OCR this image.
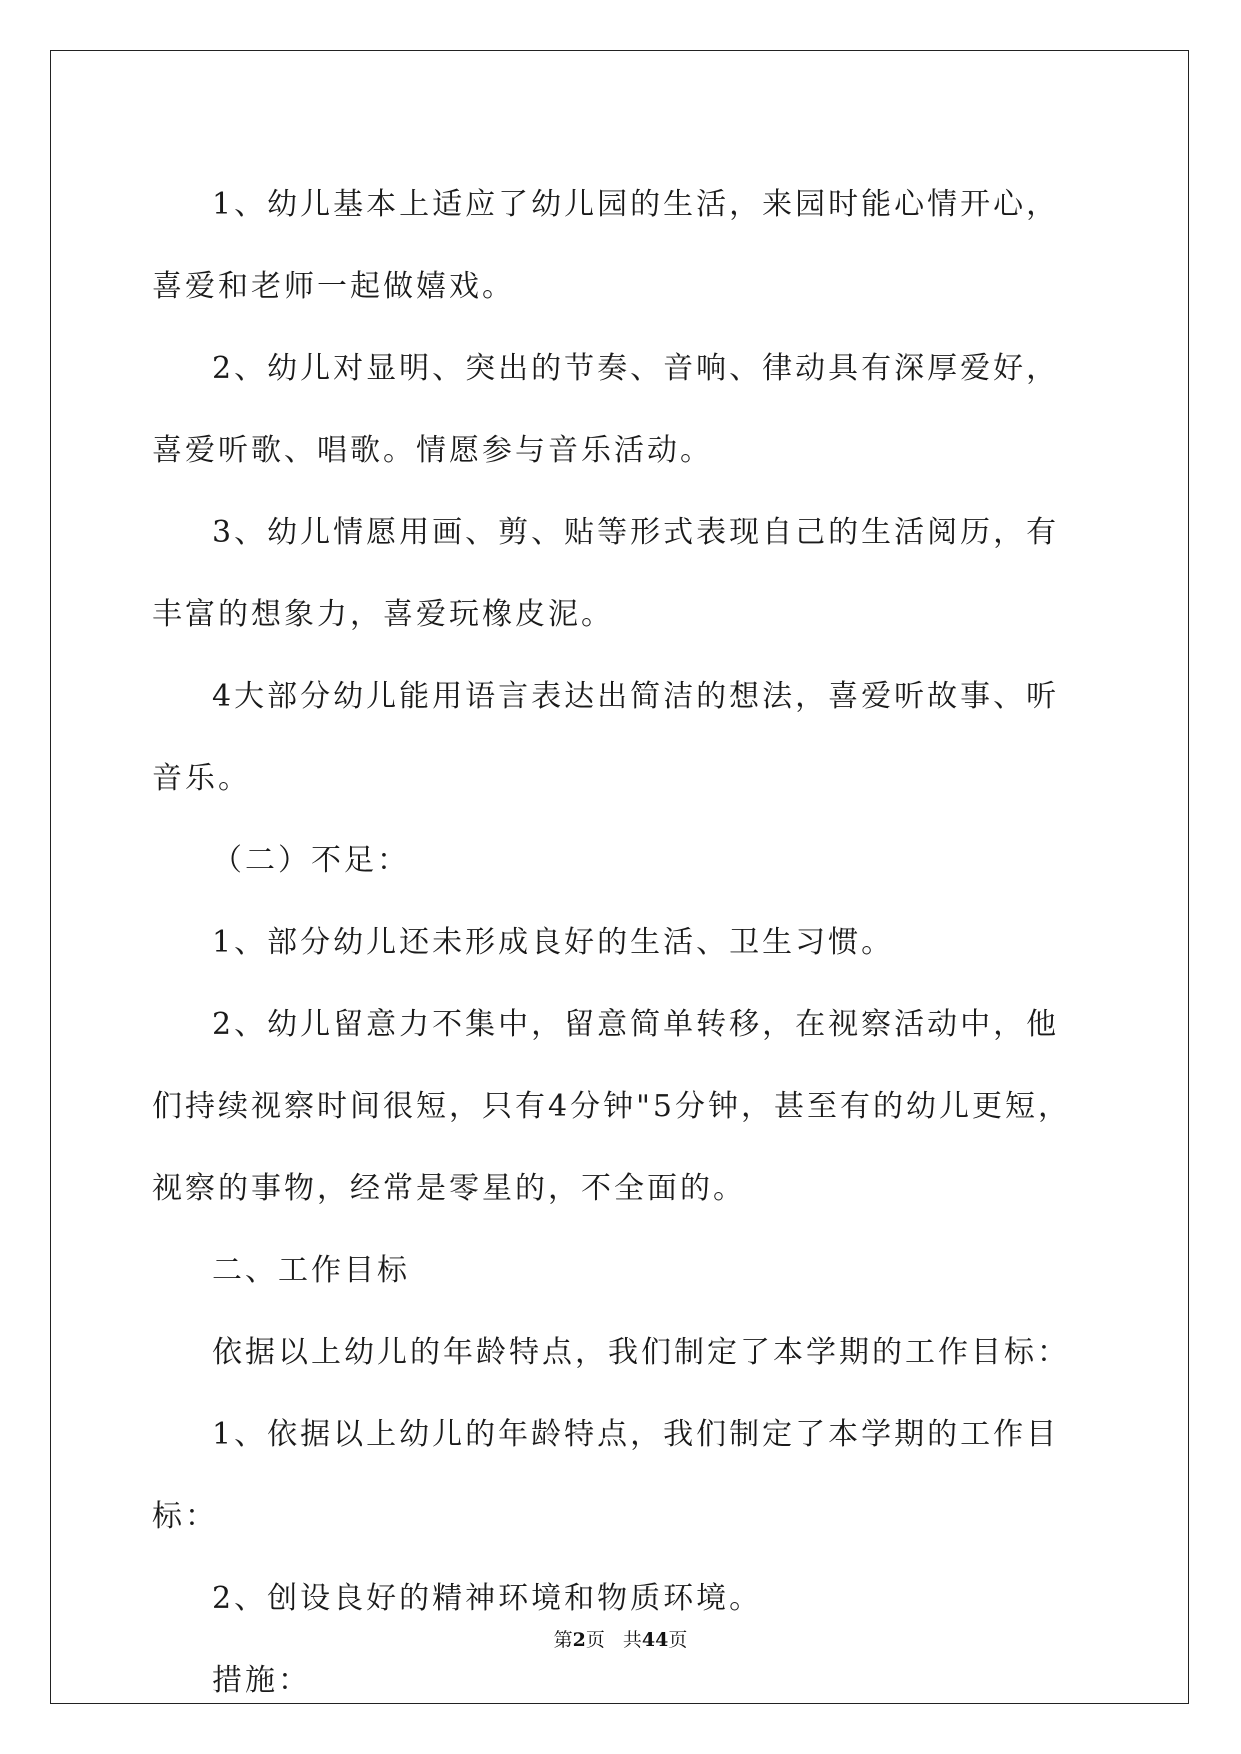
1、幼儿基本上适应了幼儿园的生活，来园时能心情开心，喜爱和老师一起做嬉戏。

2、幼儿对显明、突出的节奏、音响、律动具有深厚爱好，喜爱听歌、唱歌。情愿参与音乐活动。

3、幼儿情愿用画、剪、贴等形式表现自己的生活阅历，有丰富的想象力，喜爱玩橡皮泥。

4大部分幼儿能用语言表达出简洁的想法，喜爱听故事、听音乐。

（二）不足：

1、部分幼儿还未形成良好的生活、卫生习惯。

2、幼儿留意力不集中，留意简单转移，在视察活动中，他们持续视察时间很短，只有4分钟"5分钟，甚至有的幼儿更短，视察的事物，经常是零星的，不全面的。

二、工作目标

依据以上幼儿的年龄特点，我们制定了本学期的工作目标：

1、依据以上幼儿的年龄特点，我们制定了本学期的工作目标：

2、创设良好的精神环境和物质环境。

措施：

第2页 共44页
